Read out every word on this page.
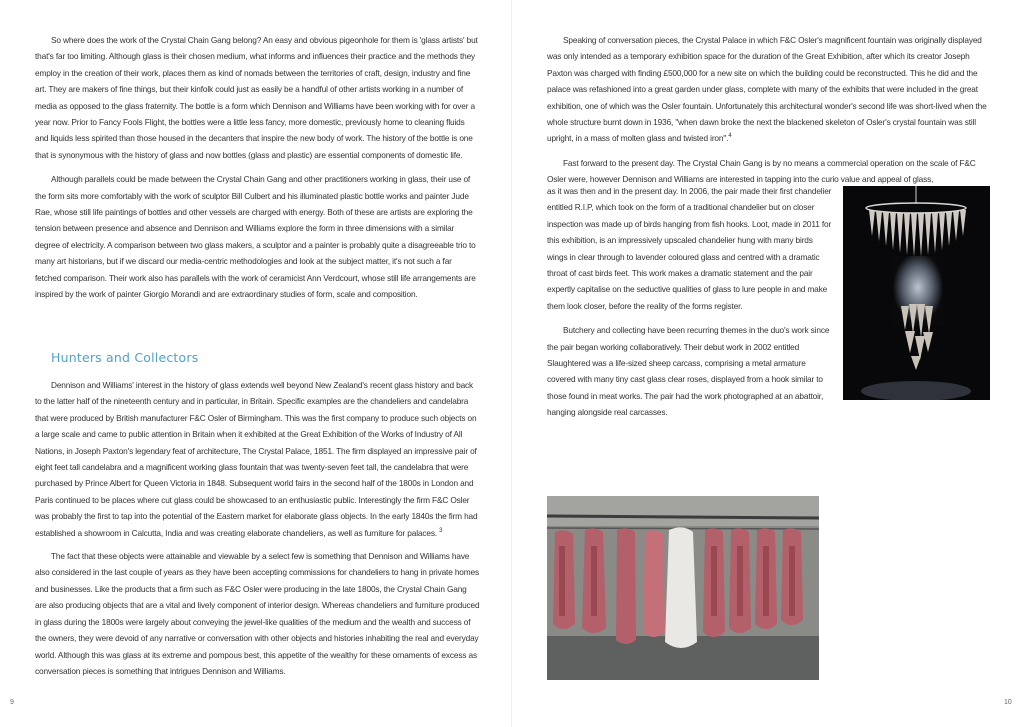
So where does the work of the Crystal Chain Gang belong? An easy and obvious pigeonhole for them is 'glass artists' but that's far too limiting. Although glass is their chosen medium, what informs and influences their practice and the methods they employ in the creation of their work, places them as kind of nomads between the territories of craft, design, industry and fine art. They are makers of fine things, but their kinfolk could just as easily be a handful of other artists working in a number of media as opposed to the glass fraternity. The bottle is a form which Dennison and Williams have been working with for over a year now. Prior to Fancy Fools Flight, the bottles were a little less fancy, more domestic, previously home to cleaning fluids and liquids less spirited than those housed in the decanters that inspire the new body of work. The history of the bottle is one that is synonymous with the history of glass and now bottles (glass and plastic) are essential components of domestic life.

Although parallels could be made between the Crystal Chain Gang and other practitioners working in glass, their use of the form sits more comfortably with the work of sculptor Bill Culbert and his illuminated plastic bottle works and painter Jude Rae, whose still life paintings of bottles and other vessels are charged with energy. Both of these are artists are exploring the tension between presence and absence and Dennison and Williams explore the form in three dimensions with a similar degree of electricity. A comparison between two glass makers, a sculptor and a painter is probably quite a disagreeable trio to many art historians, but if we discard our media-centric methodologies and look at the subject matter, it's not such a far fetched comparison. Their work also has parallels with the work of ceramicist Ann Verdcourt, whose still life arrangements are inspired by the work of painter Giorgio Morandi and are extraordinary studies of form, scale and composition.

Hunters and Collectors

Dennison and Williams' interest in the history of glass extends well beyond New Zealand's recent glass history and back to the latter half of the nineteenth century and in particular, in Britain. Specific examples are the chandeliers and candelabra that were produced by British manufacturer F&C Osler of Birmingham. This was the first company to produce such objects on a large scale and came to public attention in Britain when it exhibited at the Great Exhibition of the Works of Industry of All Nations, in Joseph Paxton's legendary feat of architecture, The Crystal Palace, 1851. The firm displayed an impressive pair of eight feet tall candelabra and a magnificent working glass fountain that was twenty-seven feet tall, the candelabra that were purchased by Prince Albert for Queen Victoria in 1848. Subsequent world fairs in the second half of the 1800s in London and Paris continued to be places where cut glass could be showcased to an enthusiastic public. Interestingly the firm F&C Osler was probably the first to tap into the potential of the Eastern market for elaborate glass objects. In the early 1840s the firm had established a showroom in Calcutta, India and was creating elaborate chandeliers, as well as furniture for palaces. $^3$

The fact that these objects were attainable and viewable by a select few is something that Dennison and Williams have also considered in the last couple of years as they have been accepting commissions for chandeliers to hang in private homes and businesses. Like the products that a firm such as F&C Osler were producing in the late 1800s, the Crystal Chain Gang are also producing objects that are a vital and lively component of interior design. Whereas chandeliers and furniture produced in glass during the 1800s were largely about conveying the jewel-like qualities of the medium and the wealth and success of the owners, they were devoid of any narrative or conversation with other objects and histories inhabiting the real and everyday world. Although this was glass at its extreme and pompous best, this appetite of the wealthy for these ornaments of excess as conversation pieces is something that intrigues Dennison and Williams.

9

Speaking of conversation pieces, the Crystal Palace in which F&C Osler's magnificent fountain was originally displayed was only intended as a temporary exhibition space for the duration of the Great Exhibition, after which its creator Joseph Paxton was charged with finding £500,000 for a new site on which the building could be reconstructed. This he did and the palace was refashioned into a great garden under glass, complete with many of the exhibits that were included in the great exhibition, one of which was the Osler fountain. Unfortunately this architectural wonder's second life was short-lived when the whole structure burnt down in 1936, "when dawn broke the next the blackened skeleton of Osler's crystal fountain was still upright, in a mass of molten glass and twisted iron".$^4$

Fast forward to the present day. The Crystal Chain Gang is by no means a commercial operation on the scale of F&C Osler were, however Dennison and Williams are interested in tapping into the curio value and appeal of glass,

as it was then and in the present day. In 2006, the pair made their first chandelier entitled R.I.P, which took on the form of a traditional chandelier but on closer inspection was made up of birds hanging from fish hooks. Loot, made in 2011 for this exhibition, is an impressively upscaled chandelier hung with many birds wings in clear through to lavender coloured glass and centred with a dramatic throat of cast birds feet. This work makes a dramatic statement and the pair expertly capitalise on the seductive qualities of glass to lure people in and make them look closer, before the reality of the forms register.

Butchery and collecting have been recurring themes in the duo's work since the pair began working collaboratively. Their debut work in 2002 entitled Slaughtered was a life-sized sheep carcass, comprising a metal armature covered with many tiny cast glass clear roses, displayed from a hook similar to those found in meat works. The pair had the work photographed at an abattoir, hanging alongside real carcasses.

10
